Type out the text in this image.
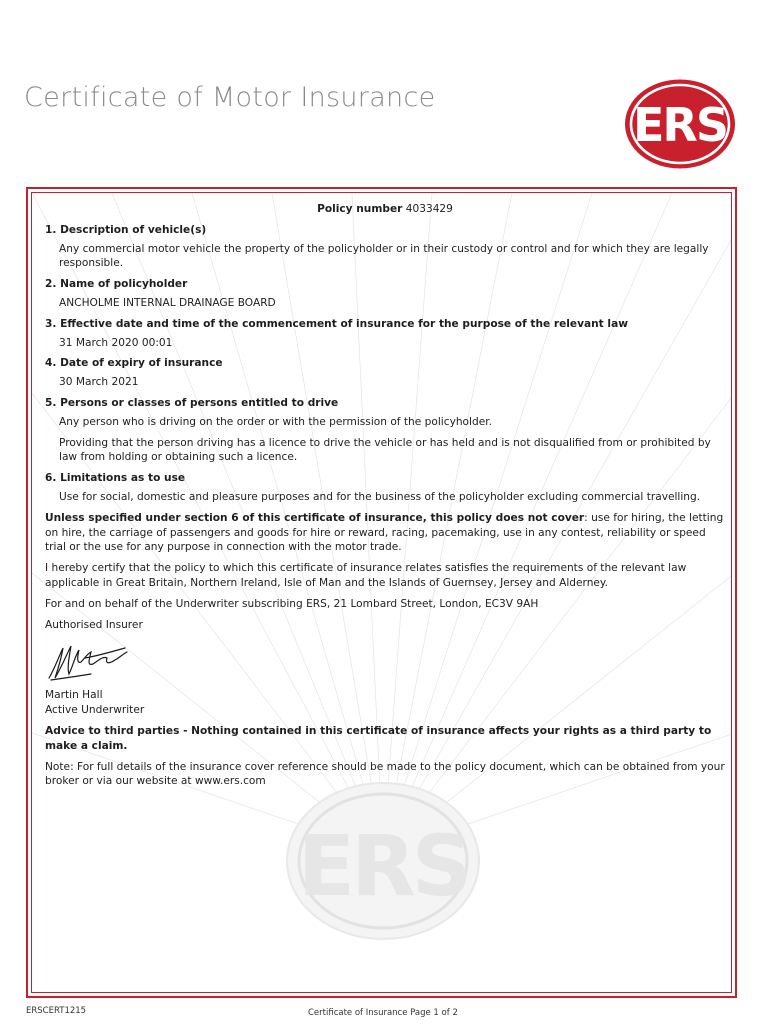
Certificate of Motor Insurance
ERS
ERS
Policy number 4033429
1. Description of vehicle(s)

Any commercial motor vehicle the property of the policyholder or in their custody or control and for which they are legally responsible.

2. Name of policyholder

ANCHOLME INTERNAL DRAINAGE BOARD

3. Effective date and time of the commencement of insurance for the purpose of the relevant law

31 March 2020 00:01

4. Date of expiry of insurance

30 March 2021

5. Persons or classes of persons entitled to drive

Any person who is driving on the order or with the permission of the policyholder.

Providing that the person driving has a licence to drive the vehicle or has held and is not disqualified from or prohibited by law from holding or obtaining such a licence.

6. Limitations as to use

Use for social, domestic and pleasure purposes and for the business of the policyholder excluding commercial travelling.

Unless specified under section 6 of this certificate of insurance, this policy does not cover: use for hiring, the letting on hire, the carriage of passengers and goods for hire or reward, racing, pacemaking, use in any contest, reliability or speed trial or the use for any purpose in connection with the motor trade.

I hereby certify that the policy to which this certificate of insurance relates satisfies the requirements of the relevant law applicable in Great Britain, Northern Ireland, Isle of Man and the Islands of Guernsey, Jersey and Alderney.

For and on behalf of the Underwriter subscribing ERS, 21 Lombard Street, London, EC3V 9AH

Authorised Insurer

Martin Hall
Active Underwriter

Advice to third parties - Nothing contained in this certificate of insurance affects your rights as a third party to make a claim.

Note: For full details of the insurance cover reference should be made to the policy document, which can be obtained from your broker or via our website at www.ers.com

ERSCERT1215	Certificate of Insurance Page 1 of 2
